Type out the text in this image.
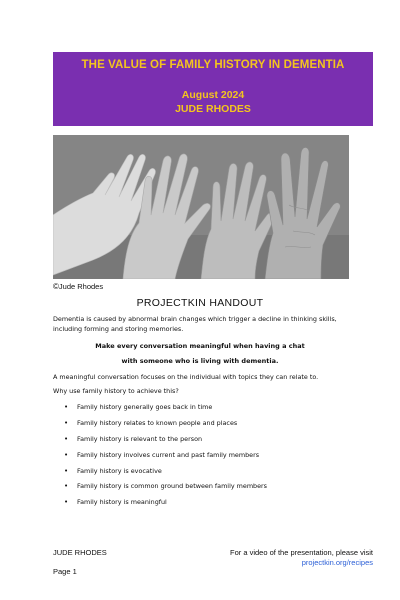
THE VALUE OF FAMILY HISTORY IN DEMENTIA
August 2024
JUDE RHODES
©Jude Rhodes
PROJECTKIN HANDOUT
Dementia is caused by abnormal brain changes which trigger a decline in thinking skills, including forming and storing memories.
Make every conversation meaningful when having a chat
with someone who is living with dementia.
A meaningful conversation focuses on the individual with topics they can relate to.
Why use family history to achieve this?
• Family history generally goes back in time
• Family history relates to known people and places
• Family history is relevant to the person
• Family history involves current and past family members
• Family history is evocative
• Family history is common ground between family members
• Family history is meaningful
JUDE RHODES	For a video of the presentation, please visit
projectkin.org/recipes
Page 1
